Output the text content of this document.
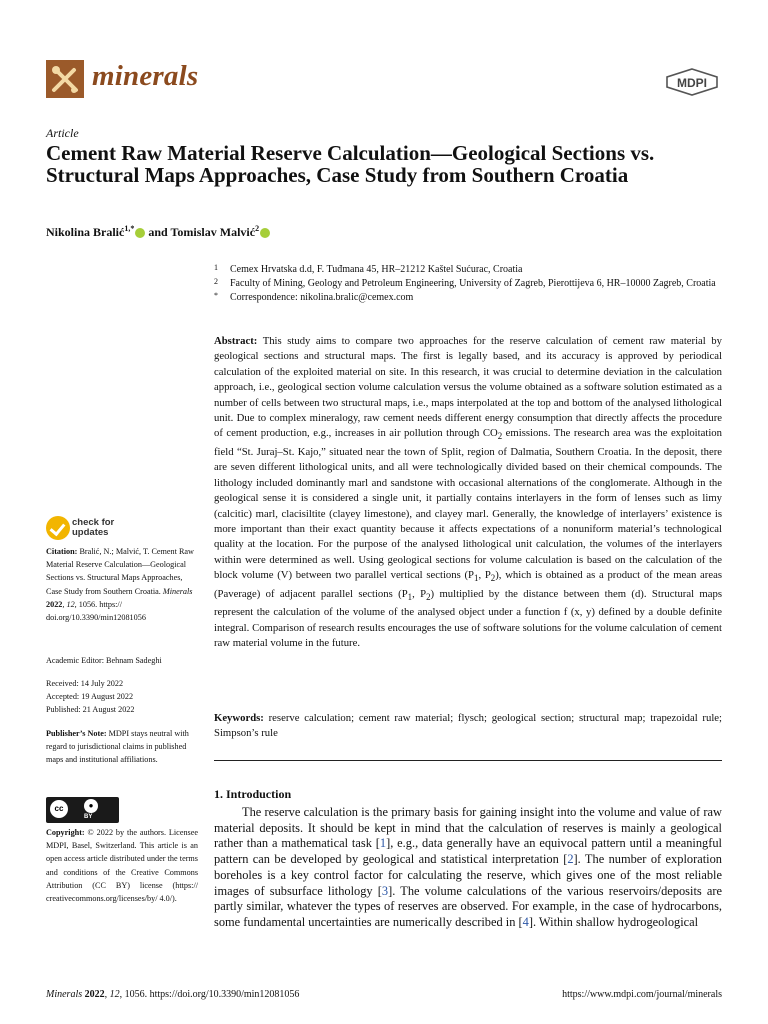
minerals	MDPI
Article
Cement Raw Material Reserve Calculation—Geological Sections vs. Structural Maps Approaches, Case Study from Southern Croatia
Nikolina Bralić$^{1,*}$ and Tomislav Malvić$^2$
1 Cemex Hrvatska d.d, F. Tuđmana 45, HR–21212 Kaštel Sućurac, Croatia
2 Faculty of Mining, Geology and Petroleum Engineering, University of Zagreb, Pierottijeva 6, HR–10000 Zagreb, Croatia
* Correspondence: nikolina.bralic@cemex.com
Abstract: This study aims to compare two approaches for the reserve calculation of cement raw material by geological sections and structural maps. The first is legally based, and its accuracy is approved by periodical calculation of the exploited material on site. In this research, it was crucial to determine deviation in the calculation approach, i.e., geological section volume calculation versus the volume obtained as a software solution estimated as a number of cells between two structural maps, i.e., maps interpolated at the top and bottom of the analysed lithological unit. Due to complex mineralogy, raw cement needs different energy consumption that directly affects the procedure of cement production, e.g., increases in air pollution through $CO_2$ emissions. The research area was the exploitation field “St. Juraj–St. Kajo,” situated near the town of Split, region of Dalmatia, Southern Croatia. In the deposit, there are seven different lithological units, and all were technologically divided based on their chemical compounds. The lithology included dominantly marl and sandstone with occasional alternations of the conglomerate. Although in the geological sense it is considered a single unit, it partially contains interlayers in the form of lenses such as limy (calcitic) marl, clacisiltite (clayey limestone), and clayey marl. Generally, the knowledge of interlayers’ existence is more important than their exact quantity because it affects expectations of a nonuniform material’s technological quality at the location. For the purpose of the analysed lithological unit calculation, the volumes of the interlayers within were determined as well. Using geological sections for volume calculation is based on the calculation of the block volume (V) between two parallel vertical sections ($P_1$, $P_2$), which is obtained as a product of the mean areas (Paverage) of adjacent parallel sections ($P_1$, $P_2$) multiplied by the distance between them (d). Structural maps represent the calculation of the volume of the analysed object under a function f (x, y) defined by a double definite integral. Comparison of research results encourages the use of software solutions for the volume calculation of cement raw material volume in the future.
Keywords: reserve calculation; cement raw material; flysch; geological section; structural map; trapezoidal rule; Simpson’s rule
1. Introduction

The reserve calculation is the primary basis for gaining insight into the volume and value of raw material deposits. It should be kept in mind that the calculation of reserves is mainly a geological rather than a mathematical task [1], e.g., data generally have an equivocal pattern until a meaningful pattern can be developed by geological and statistical interpretation [2]. The number of exploration boreholes is a key control factor for calculating the reserve, which gives one of the most reliable images of subsurface lithology [3]. The volume calculations of the various reservoirs/deposits are partly similar, whatever the types of reserves are observed. For example, in the case of hydrocarbons, some fundamental uncertainties are numerically described in [4]. Within shallow hydrogeological

check for
updates
Citation: Bralić, N.; Malvić, T. Cement Raw Material Reserve Calculation—Geological Sections vs. Structural Maps Approaches, Case Study from Southern Croatia. Minerals 2022, 12, 1056. https:// doi.org/10.3390/min12081056
Academic Editor: Behnam Sadeghi
Received: 14 July 2022
Accepted: 19 August 2022
Published: 21 August 2022
Publisher’s Note: MDPI stays neutral with regard to jurisdictional claims in published maps and institutional affiliations.
cc	●
BY
Copyright: © 2022 by the authors. Licensee MDPI, Basel, Switzerland. This article is an open access article distributed under the terms and conditions of the Creative Commons Attribution (CC BY) license (https:// creativecommons.org/licenses/by/ 4.0/).
Minerals 2022, 12, 1056. https://doi.org/10.3390/min12081056	https://www.mdpi.com/journal/minerals
